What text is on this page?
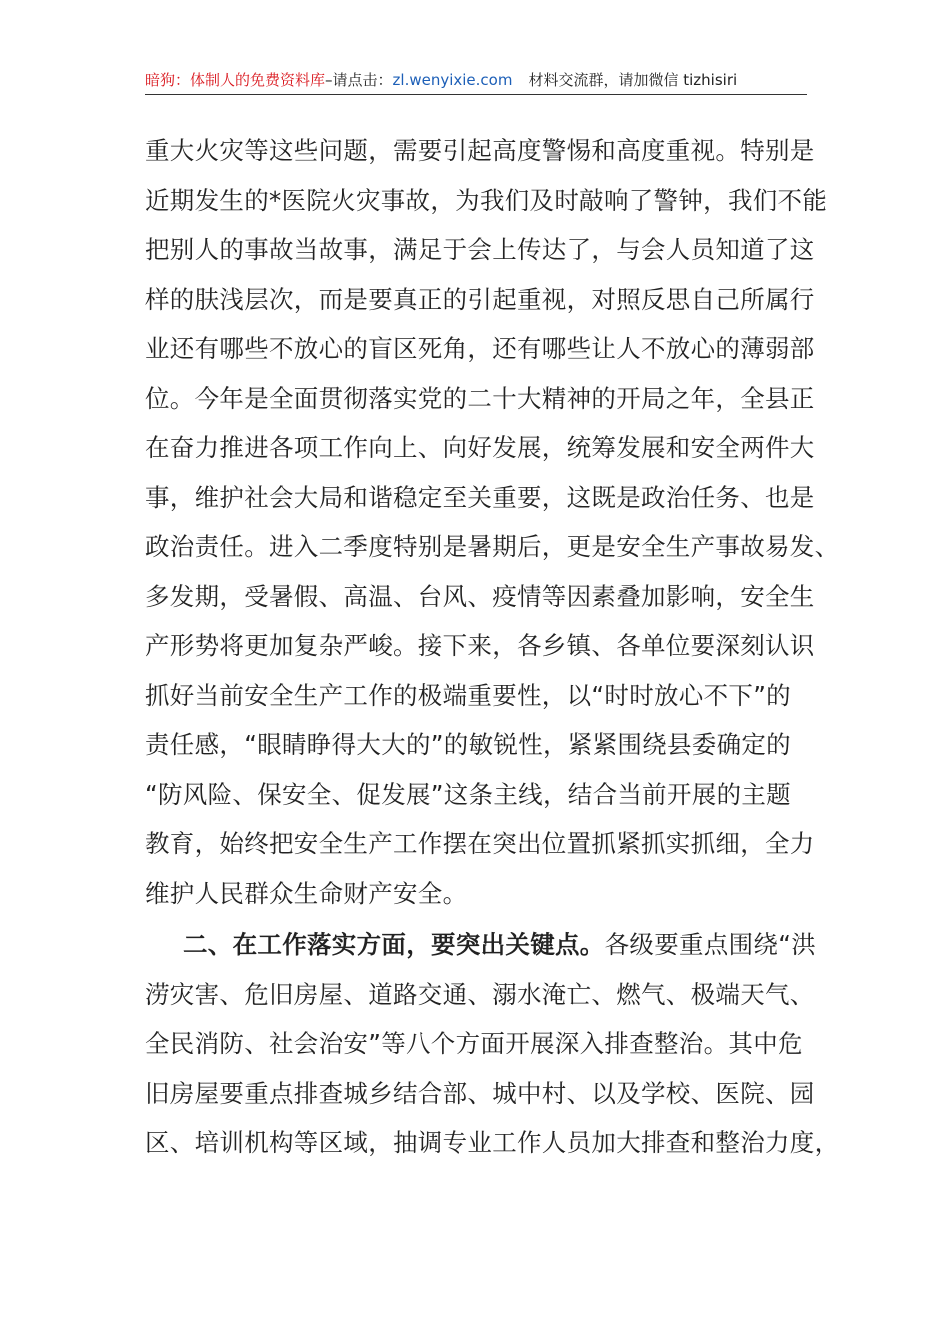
暗狗：体制人的免费资料库–请点击：zl.wenyixie.com 材料交流群，请加微信 tizhisiri
重大火灾等这些问题，需要引起高度警惕和高度重视。特别是
近期发生的*医院火灾事故，为我们及时敲响了警钟，我们不能
把别人的事故当故事，满足于会上传达了，与会人员知道了这
样的肤浅层次，而是要真正的引起重视，对照反思自己所属行
业还有哪些不放心的盲区死角，还有哪些让人不放心的薄弱部
位。今年是全面贯彻落实党的二十大精神的开局之年，全县正
在奋力推进各项工作向上、向好发展，统筹发展和安全两件大
事，维护社会大局和谐稳定至关重要，这既是政治任务、也是
政治责任。进入二季度特别是暑期后，更是安全生产事故易发、
多发期，受暑假、高温、台风、疫情等因素叠加影响，安全生
产形势将更加复杂严峻。接下来，各乡镇、各单位要深刻认识
抓好当前安全生产工作的极端重要性，以“时时放心不下”的
责任感，“眼睛睁得大大的”的敏锐性，紧紧围绕县委确定的
“防风险、保安全、促发展”这条主线，结合当前开展的主题
教育，始终把安全生产工作摆在突出位置抓紧抓实抓细，全力
维护人民群众生命财产安全。
二、在工作落实方面，要突出关键点。各级要重点围绕“洪
涝灾害、危旧房屋、道路交通、溺水淹亡、燃气、极端天气、
全民消防、社会治安”等八个方面开展深入排查整治。其中危
旧房屋要重点排查城乡结合部、城中村、以及学校、医院、园
区、培训机构等区域，抽调专业工作人员加大排查和整治力度，
